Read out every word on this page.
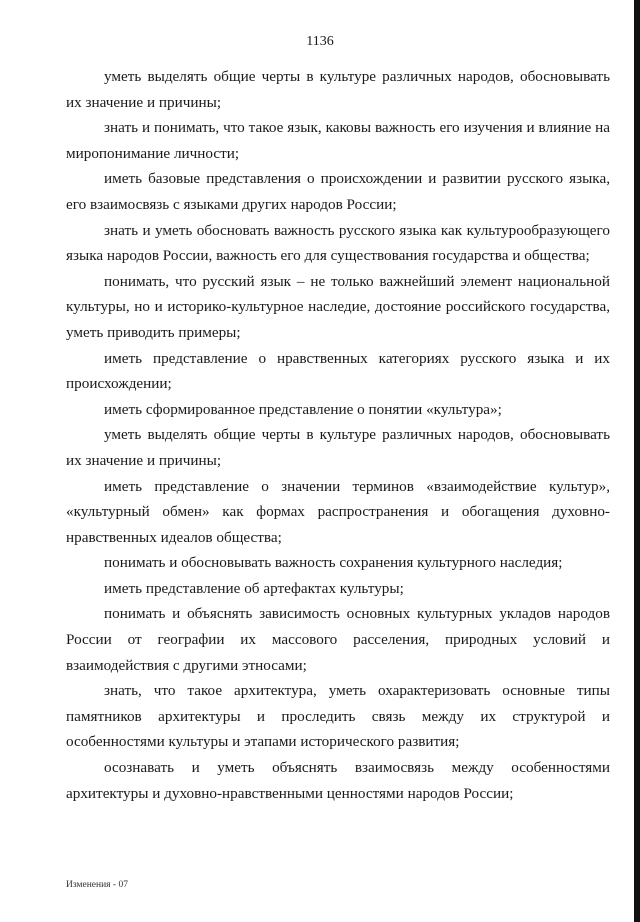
1136

уметь выделять общие черты в культуре различных народов, обосновывать их значение и причины;

знать и понимать, что такое язык, каковы важность его изучения и влияние на миропонимание личности;

иметь базовые представления о происхождении и развитии русского языка, его взаимосвязь с языками других народов России;

знать и уметь обосновать важность русского языка как культурообразующего языка народов России, важность его для существования государства и общества;

понимать, что русский язык – не только важнейший элемент национальной культуры, но и историко-культурное наследие, достояние российского государства, уметь приводить примеры;

иметь представление о нравственных категориях русского языка и их происхождении;

иметь сформированное представление о понятии «культура»;

уметь выделять общие черты в культуре различных народов, обосновывать их значение и причины;

иметь представление о значении терминов «взаимодействие культур», «культурный обмен» как формах распространения и обогащения духовно-нравственных идеалов общества;

понимать и обосновывать важность сохранения культурного наследия;

иметь представление об артефактах культуры;

понимать и объяснять зависимость основных культурных укладов народов России от географии их массового расселения, природных условий и взаимодействия с другими этносами;

знать, что такое архитектура, уметь охарактеризовать основные типы памятников архитектуры и проследить связь между их структурой и особенностями культуры и этапами исторического развития;

осознавать и уметь объяснять взаимосвязь между особенностями архитектуры и духовно-нравственными ценностями народов России;

Изменения - 07
